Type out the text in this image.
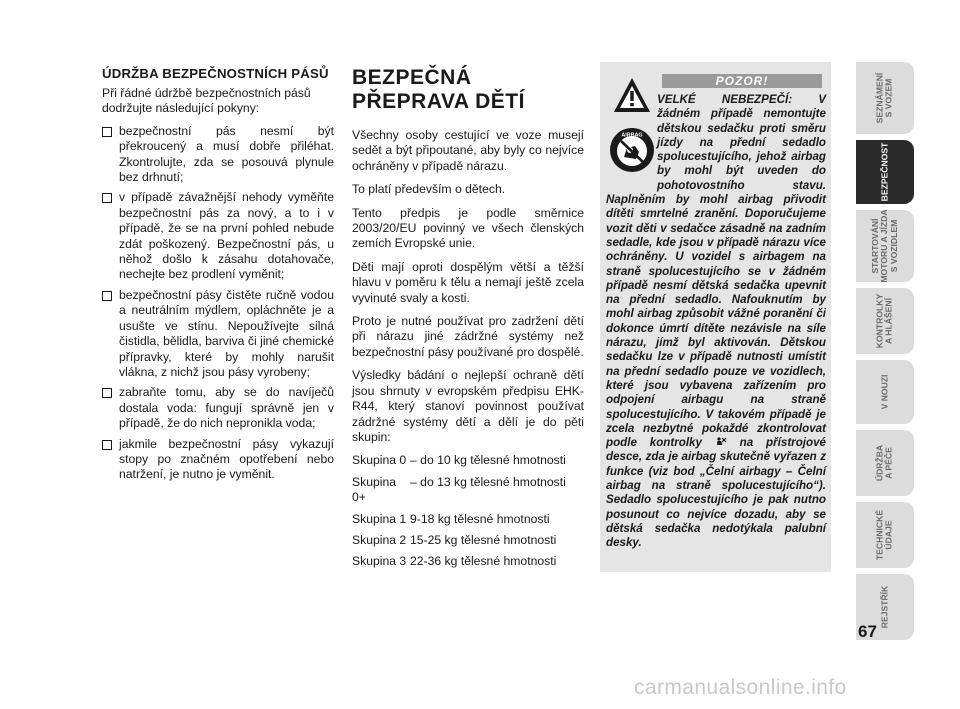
ÚDRŽBA BEZPEČNOSTNÍCH PÁSŮ

Při řádné údržbě bezpečnostních pásů dodržujte následující pokyny:

bezpečnostní pás nesmí být překroucený a musí dobře přiléhat. Zkontrolujte, zda se posouvá plynule bez drhnutí;
v případě závažnější nehody vyměňte bezpečnostní pás za nový, a to i v případě, že se na první pohled nebude zdát poškozený. Bezpečnostní pás, u něhož došlo k zásahu dotahovače, nechejte bez prodlení vyměnit;
bezpečnostní pásy čistěte ručně vodou a neutrálním mýdlem, opláchněte je a usušte ve stínu. Nepoužívejte silná čistidla, bělidla, barviva či jiné chemické přípravky, které by mohly narušit vlákna, z nichž jsou pásy vyrobeny;
zabraňte tomu, aby se do navíječů dostala voda: fungují správně jen v případě, že do nich nepronikla voda;
jakmile bezpečnostní pásy vykazují stopy po značném opotřebení nebo natržení, je nutno je vyměnit.
BEZPEČNÁ
PŘEPRAVA DĚTÍ

Všechny osoby cestující ve voze musejí sedět a být připoutané, aby byly co nejvíce ochráněny v případě nárazu.

To platí především o dětech.

Tento předpis je podle směrnice 2003/20/EU povinný ve všech členských zemích Evropské unie.

Děti mají oproti dospělým větší a těžší hlavu v poměru k tělu a nemají ještě zcela vyvinuté svaly a kosti.

Proto je nutné používat pro zadržení dětí při nárazu jiné zádržné systémy než bezpečnostní pásy používané pro dospělé.

Výsledky bádání o nejlepší ochraně dětí jsou shrnuty v evropském předpisu EHK-R44, který stanoví povinnost používat zádržné systémy dětí a dělí je do pěti skupin:

Skupina 0 – do 10 kg tělesné hmotnosti
Skupina 0+
– do 13 kg tělesné hmotnosti
Skupina 1 9-18 kg tělesné hmotnosti
Skupina 2 15-25 kg tělesné hmotnosti
Skupina 3 22-36 kg tělesné hmotnosti
POZOR!
AIRBAG
VELKÉ NEBEZPEČÍ: V žádném případě nemontujte dětskou sedačku proti směru jízdy na přední sedadlo spolucestujícího, jehož airbag by mohl být uveden do pohotovostního stavu. Naplněním by mohl airbag přivodit dítěti smrtelné zranění. Doporučujeme vozit děti v sedačce zásadně na zadním sedadle, kde jsou v případě nárazu více ochráněny. U vozidel s airbagem na straně spolucestujícího se v žádném případě nesmí dětská sedačka upevnit na přední sedadlo. Nafouknutím by mohl airbag způsobit vážné poranění či dokonce úmrtí dítěte nezávisle na síle nárazu, jímž byl aktivován. Dětskou sedačku lze v případě nutnosti umístit na přední sedadlo pouze ve vozidlech, které jsou vybavena zařízením pro odpojení airbagu na straně spolucestujícího. V takovém případě je zcela nezbytné pokaždé zkontrolovat podle kontrolky	na přístrojové desce, zda je airbag skutečně vyřazen z funkce (viz bod „Čelní airbagy – Čelní airbag na straně spolucestujícího“). Sedadlo spolucestujícího je pak nutno posunout co nejvíce dozadu, aby se dětská sedačka nedotýkala palubní desky.
SEZNÁMENÍ
S VOZEM
BEZPEČNOST
STARTOVÁNÍ
MOTORU A JÍZDA
S VOZIDLEM
KONTROLKY
A HLÁŠENÍ
V NOUZI
ÚDRŽBA
A PÉČE
TECHNICKÉ
ÚDAJE
REJSTŘÍK
67
carmanualsonline.info
